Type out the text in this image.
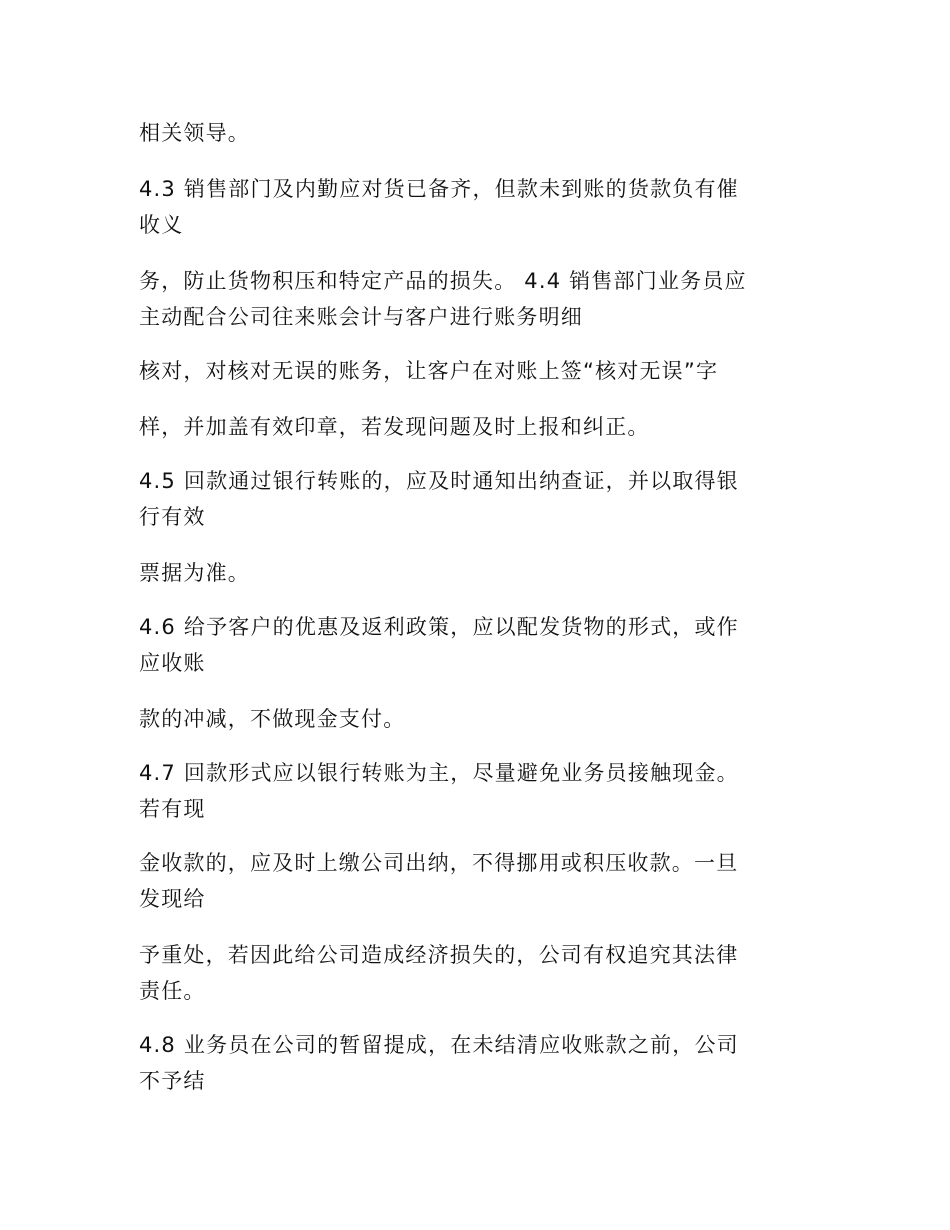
相关领导。
4.3 销售部门及内勤应对货已备齐，但款未到账的货款负有催
收义
务，防止货物积压和特定产品的损失。 4.4 销售部门业务员应
主动配合公司往来账会计与客户进行账务明细
核对，对核对无误的账务，让客户在对账上签“核对无误”字
样，并加盖有效印章，若发现问题及时上报和纠正。
4.5 回款通过银行转账的，应及时通知出纳查证，并以取得银
行有效
票据为准。
4.6 给予客户的优惠及返利政策，应以配发货物的形式，或作
应收账
款的冲减，不做现金支付。
4.7 回款形式应以银行转账为主，尽量避免业务员接触现金。
若有现
金收款的，应及时上缴公司出纳，不得挪用或积压收款。一旦
发现给
予重处，若因此给公司造成经济损失的，公司有权追究其法律
责任。
4.8 业务员在公司的暂留提成，在未结清应收账款之前，公司
不予结
